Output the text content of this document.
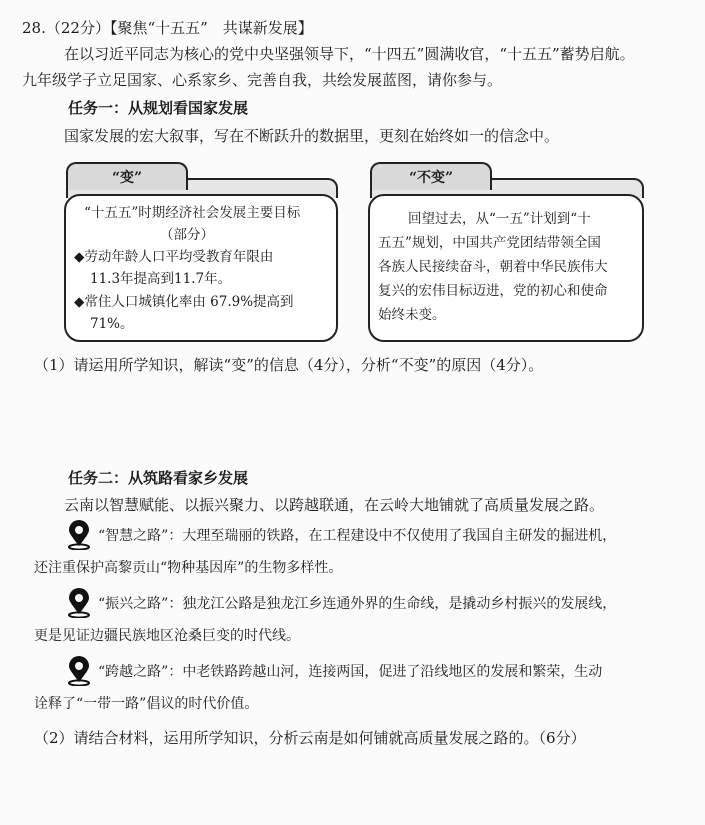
28.（22分）【聚焦“十五五”　共谋新发展】
在以习近平同志为核心的党中央坚强领导下，“十四五”圆满收官，“十五五”蓄势启航。
九年级学子立足国家、心系家乡、完善自我，共绘发展蓝图，请你参与。
任务一：从规划看国家发展
国家发展的宏大叙事，写在不断跃升的数据里，更刻在始终如一的信念中。
“变”
“十五五”时期经济社会发展主要目标
（部分）
◆劳动年龄人口平均受教育年限由
11.3年提高到11.7年。
◆常住人口城镇化率由 67.9%提高到
71%。
“不变”
回望过去，从“一五”计划到“十
五五”规划，中国共产党团结带领全国
各族人民接续奋斗，朝着中华民族伟大
复兴的宏伟目标迈进，党的初心和使命
始终未变。
（1）请运用所学知识，解读“变”的信息（4分），分析“不变”的原因（4分）。
任务二：从筑路看家乡发展
云南以智慧赋能、以振兴聚力、以跨越联通，在云岭大地铺就了高质量发展之路。
“智慧之路”：大理至瑞丽的铁路，在工程建设中不仅使用了我国自主研发的掘进机，
还注重保护高黎贡山“物种基因库”的生物多样性。
“振兴之路”：独龙江公路是独龙江乡连通外界的生命线，是撬动乡村振兴的发展线，
更是见证边疆民族地区沧桑巨变的时代线。
“跨越之路”：中老铁路跨越山河，连接两国，促进了沿线地区的发展和繁荣，生动
诠释了“一带一路”倡议的时代价值。
（2）请结合材料，运用所学知识，分析云南是如何铺就高质量发展之路的。（6分）
